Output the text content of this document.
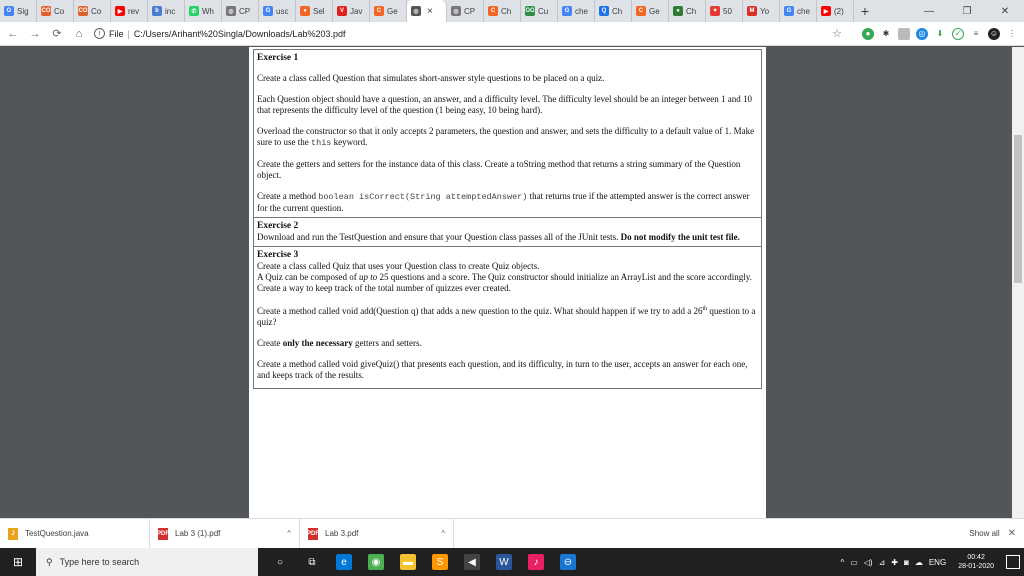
G Sig CO Co CO Co	▶ rev	b inc	✆ Wh	◎ CP	G usc	● Sel	V Jav	C Ge	◎ ×	◎ CP	C Ch GG Cu	G che	Q Ch	C Ge	● Ch	♥ 50	M Yo	G che	▶ (2)	+	—	❐	✕
←	→	⟳	⌂	i File | C:/Users/Arihant%20Singla/Downloads/Lab%203.pdf	☆	●	✱	◎	⬇	✓	≡	☺ ⋮
Exercise 1

Create a class called Question that simulates short-answer style questions to be placed on a quiz.

Each Question object should have a question, an answer, and a difficulty level. The difficulty level should be an integer between 1 and 10 that represents the difficulty level of the question (1 being easy, 10 being hard).

Overload the constructor so that it only accepts 2 parameters, the question and answer, and sets the difficulty to a default value of 1. Make sure to use the this keyword.

Create the getters and setters for the instance data of this class. Create a toString method that returns a string summary of the Question object.

Create a method boolean isCorrect(String attemptedAnswer) that returns true if the attempted answer is the correct answer for the current question.

Exercise 2

Download and run the TestQuestion and ensure that your Question class passes all of the JUnit tests. Do not modify the unit test file.

Exercise 3

Create a class called Quiz that uses your Question class to create Quiz objects.

A Quiz can be composed of up to 25 questions and a score. The Quiz constructor should initialize an ArrayList and the score accordingly. Create a way to keep track of the total number of quizzes ever created.

Create a method called void add(Question q) that adds a new question to the quiz. What should happen if we try to add a 26th question to a quiz?

Create only the necessary getters and setters.

Create a method called void giveQuiz() that presents each question, and its difficulty, in turn to the user, accepts an answer for each one, and keeps track of the results.

J	TestQuestion.java	PDF Lab 3 (1).pdf	^	PDF Lab 3.pdf	^	Show all ✕
⊞	⚲ Type here to search	○	⧉	e	◉	▬	S	◀	W	♪	⊖	^ ▭ ◁) ⊿ ✚ ◙ ☁ ENG	00:42
28-01-2020
